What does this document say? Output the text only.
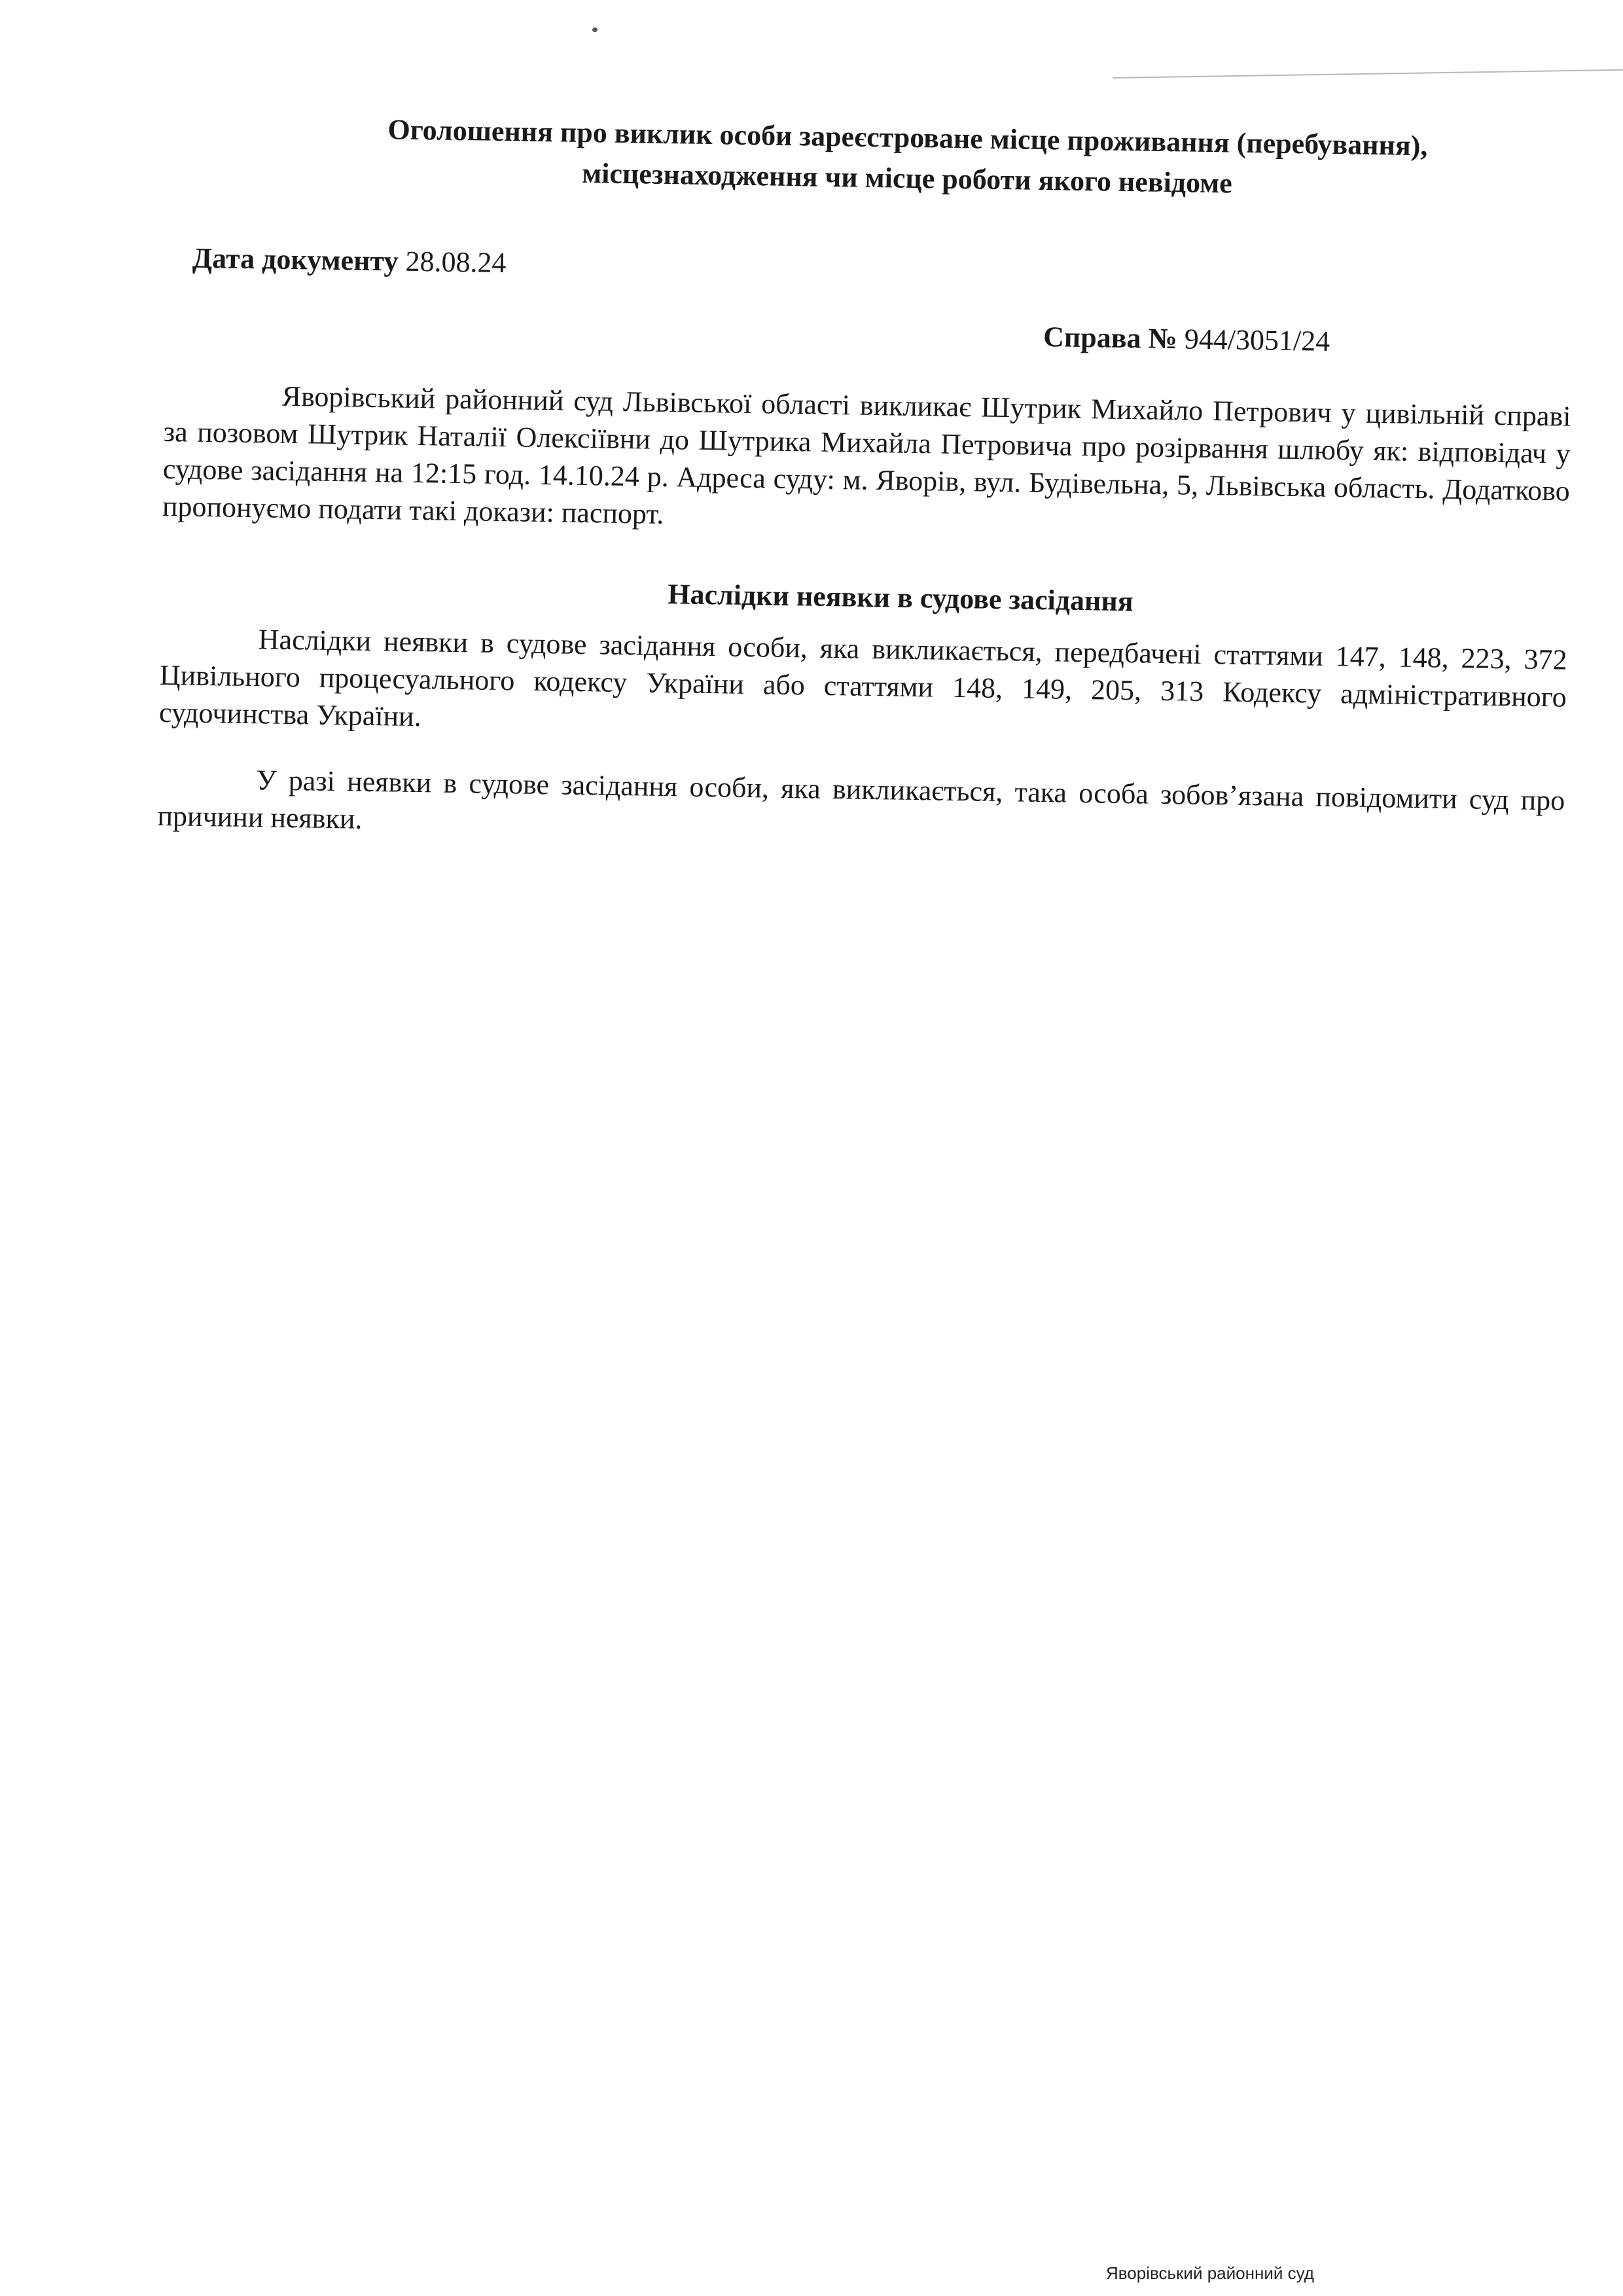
Оголошення про виклик особи зареєстроване місце проживання (перебування),
місцезнаходження чи місце роботи якого невідоме
Дата документу 28.08.24
Справа № 944/3051/24

Яворівський районний суд Львівської області викликає Шутрик Михайло Петрович у цивільній справі за позовом Шутрик Наталії Олексіївни до Шутрика Михайла Петровича про розірвання шлюбу як: відповідач у судове засідання на 12:15 год. 14.10.24 р. Адреса суду: м. Яворів, вул. Будівельна, 5, Львівська область. Додатково пропонуємо подати такі докази: паспорт.

Наслідки неявки в судове засідання

Наслідки неявки в судове засідання особи, яка викликається, передбачені статтями 147, 148, 223, 372 Цивільного процесуального кодексу України або статтями 148, 149, 205, 313 Кодексу адміністративного судочинства України.

У разі неявки в судове засідання особи, яка викликається, така особа зобов’язана повідомити суд про причини неявки.

Яворівський районний суд
